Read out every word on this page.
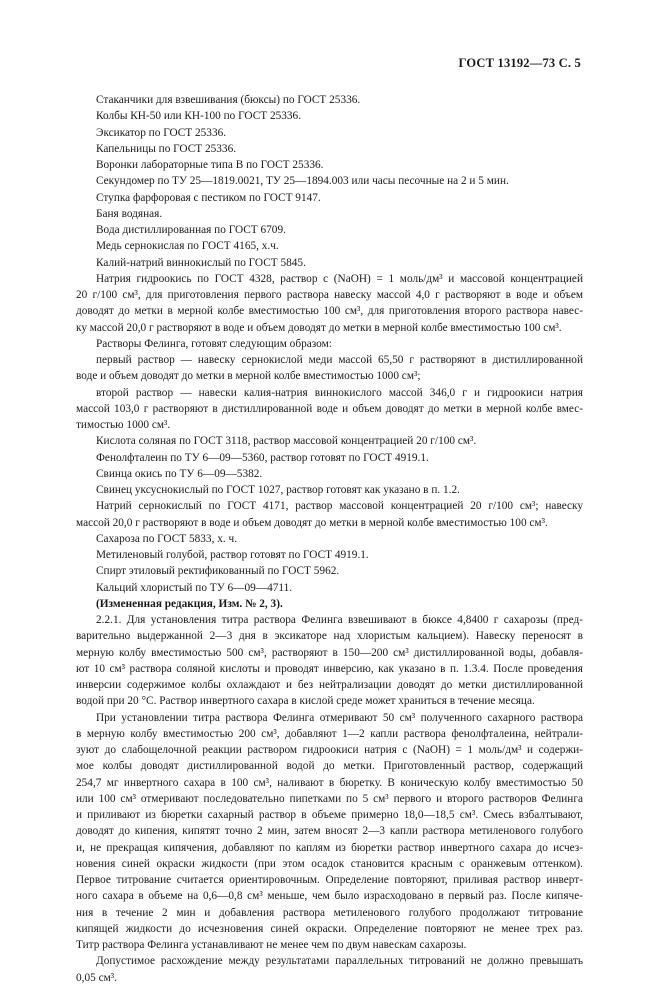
ГОСТ 13192—73 С. 5
Стаканчики для взвешивания (бюксы) по ГОСТ 25336.
Колбы КН-50 или КН-100 по ГОСТ 25336.
Эксикатор по ГОСТ 25336.
Капельницы по ГОСТ 25336.
Воронки лабораторные типа В по ГОСТ 25336.
Секундомер по ТУ 25—1819.0021, ТУ 25—1894.003 или часы песочные на 2 и 5 мин.
Ступка фарфоровая с пестиком по ГОСТ 9147.
Баня водяная.
Вода дистиллированная по ГОСТ 6709.
Медь сернокислая по ГОСТ 4165, х.ч.
Калий-натрий виннокислый по ГОСТ 5845.
Натрия гидроокись по ГОСТ 4328, раствор с (NaOH) = 1 моль/дм³ и массовой концентрацией
20 г/100 см³, для приготовления первого раствора навеску массой 4,0 г растворяют в воде и объем
доводят до метки в мерной колбе вместимостью 100 см³, для приготовления второго раствора навес-
ку массой 20,0 г растворяют в воде и объем доводят до метки в мерной колбе вместимостью 100 см³.
Растворы Фелинга, готовят следующим образом:
первый раствор — навеску сернокислой меди массой 65,50 г растворяют в дистиллированной
воде и объем доводят до метки в мерной колбе вместимостью 1000 см³;
второй раствор — навески калия-натрия виннокислого массой 346,0 г и гидроокиси натрия
массой 103,0 г растворяют в дистиллированной воде и объем доводят до метки в мерной колбе вмес-
тимостью 1000 см³.
Кислота соляная по ГОСТ 3118, раствор массовой концентрацией 20 г/100 см³.
Фенолфталеин по ТУ 6—09—5360, раствор готовят по ГОСТ 4919.1.
Свинца окись по ТУ 6—09—5382.
Свинец уксуснокислый по ГОСТ 1027, раствор готовят как указано в п. 1.2.
Натрий сернокислый по ГОСТ 4171, раствор массовой концентрацией 20 г/100 см³; навеску
массой 20,0 г растворяют в воде и объем доводят до метки в мерной колбе вместимостью 100 см³.
Сахароза по ГОСТ 5833, х. ч.
Метиленовый голубой, раствор готовят по ГОСТ 4919.1.
Спирт этиловый ректификованный по ГОСТ 5962.
Кальций хлористый по ТУ 6—09—4711.
(Измененная редакция, Изм. № 2, 3).
2.2.1. Для установления титра раствора Фелинга взвешивают в бюксе 4,8400 г сахарозы (пред-
варительно выдержанной 2—3 дня в эксикаторе над хлористым кальцием). Навеску переносят в
мерную колбу вместимостью 500 см³, растворяют в 150—200 см³ дистиллированной воды, добавля-
ют 10 см³ раствора соляной кислоты и проводят инверсию, как указано в п. 1.3.4. После проведения
инверсии содержимое колбы охлаждают и без нейтрализации доводят до метки дистиллированной
водой при 20 °С. Раствор инвертного сахара в кислой среде может храниться в течение месяца.
При установлении титра раствора Фелинга отмеривают 50 см³ полученного сахарного раствора
в мерную колбу вместимостью 200 см³, добавляют 1—2 капли раствора фенолфталеина, нейтрали-
зуют до слабощелочной реакции раствором гидроокиси натрия с (NaOH) = 1 моль/дм³ и содержи-
мое колбы доводят дистиллированной водой до метки. Приготовленный раствор, содержащий
254,7 мг инвертного сахара в 100 см³, наливают в бюретку. В коническую колбу вместимостью 50
или 100 см³ отмеривают последовательно пипетками по 5 см³ первого и второго растворов Фелинга
и приливают из бюретки сахарный раствор в объеме примерно 18,0—18,5 см³. Смесь взбалтывают,
доводят до кипения, кипятят точно 2 мин, затем вносят 2—3 капли раствора метиленового голубого
и, не прекращая кипячения, добавляют по каплям из бюретки раствор инвертного сахара до исчез-
новения синей окраски жидкости (при этом осадок становится красным с оранжевым оттенком).
Первое титрование считается ориентировочным. Определение повторяют, приливая раствор инверт-
ного сахара в объеме на 0,6—0,8 см³ меньше, чем было израсходовано в первый раз. После кипяче-
ния в течение 2 мин и добавления раствора метиленового голубого продолжают титрование
кипящей жидкости до исчезновения синей окраски. Определение повторяют не менее трех раз.
Титр раствора Фелинга устанавливают не менее чем по двум навескам сахарозы.
Допустимое расхождение между результатами параллельных титрований не должно превышать
0,05 см³.
